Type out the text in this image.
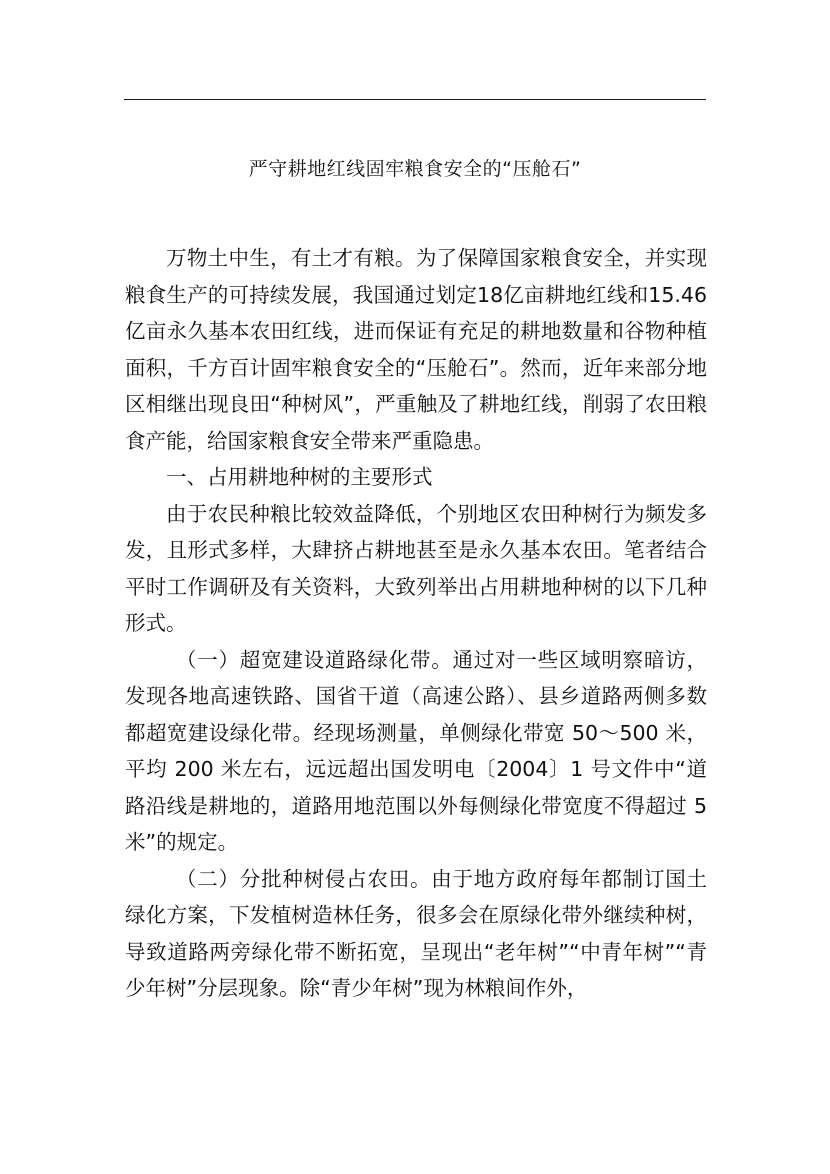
严守耕地红线固牢粮食安全的“压舱石”

万物土中生，有土才有粮。为了保障国家粮食安全，并实现粮食生产的可持续发展，我国通过划定18亿亩耕地红线和15.46亿亩永久基本农田红线，进而保证有充足的耕地数量和谷物种植面积，千方百计固牢粮食安全的“压舱石”。然而，近年来部分地区相继出现良田“种树风”，严重触及了耕地红线，削弱了农田粮食产能，给国家粮食安全带来严重隐患。

一、占用耕地种树的主要形式

由于农民种粮比较效益降低，个别地区农田种树行为频发多发，且形式多样，大肆挤占耕地甚至是永久基本农田。笔者结合平时工作调研及有关资料，大致列举出占用耕地种树的以下几种形式。

（一）超宽建设道路绿化带。通过对一些区域明察暗访，发现各地高速铁路、国省干道（高速公路）、县乡道路两侧多数都超宽建设绿化带。经现场测量，单侧绿化带宽 50～500 米，平均 200 米左右，远远超出国发明电〔2004〕1 号文件中“道路沿线是耕地的，道路用地范围以外每侧绿化带宽度不得超过 5 米”的规定。

（二）分批种树侵占农田。由于地方政府每年都制订国土绿化方案，下发植树造林任务，很多会在原绿化带外继续种树，导致道路两旁绿化带不断拓宽，呈现出“老年树”“中青年树”“青少年树”分层现象。除“青少年树”现为林粮间作外，
